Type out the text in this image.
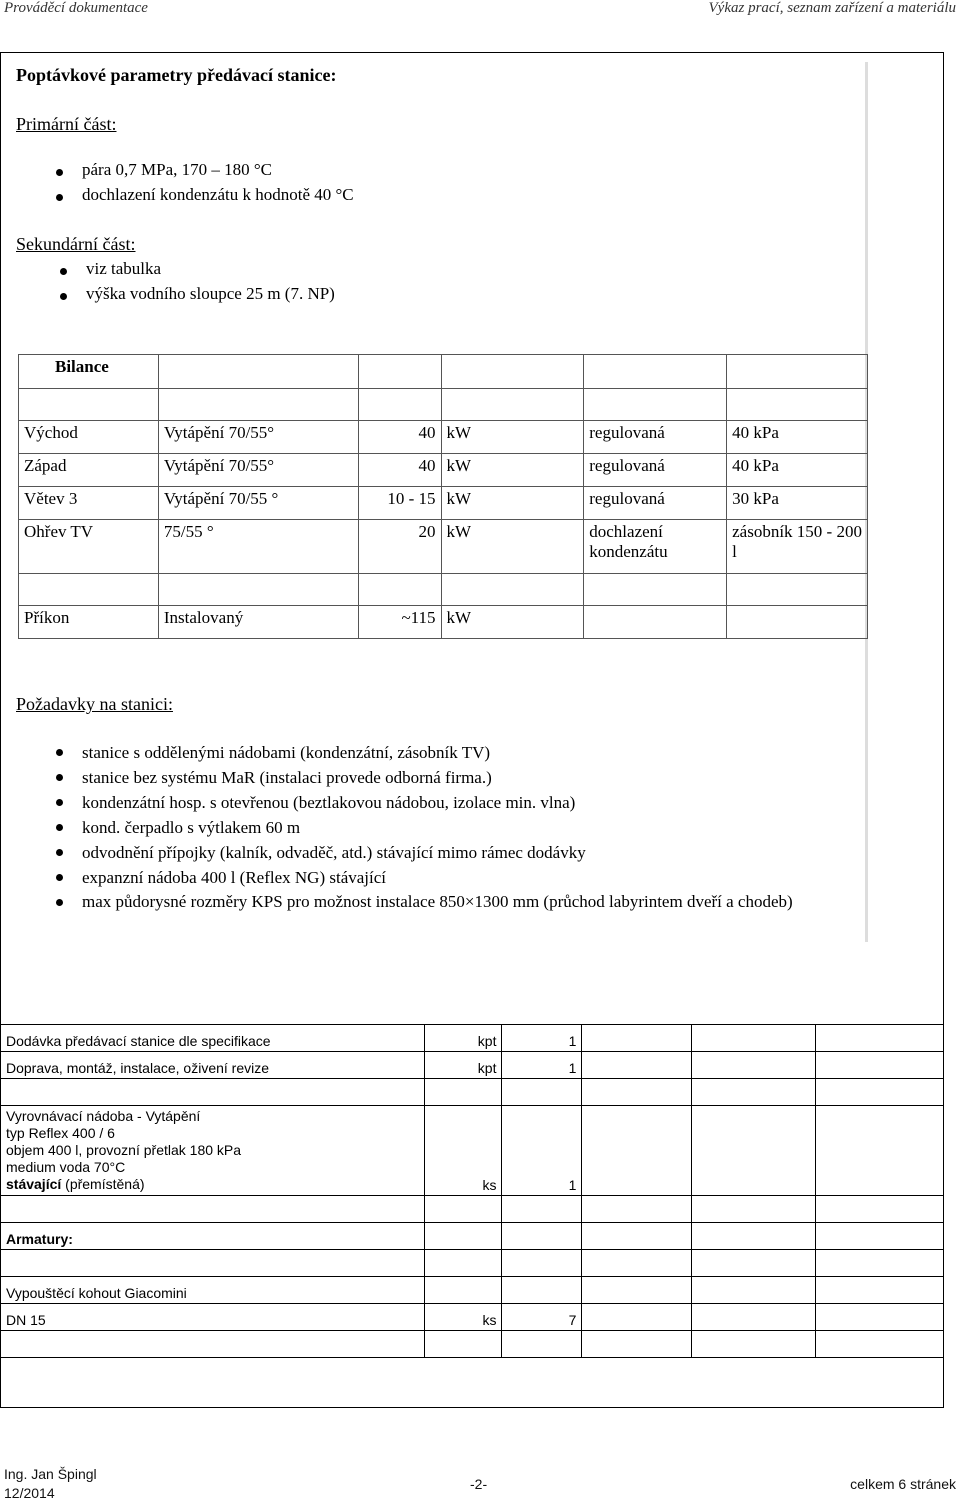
Prováděcí dokumentace	Výkaz prací, seznam zařízení a materiálu
Poptávkové parametry předávací stanice:
Primární část:
pára 0,7 MPa, 170 – 180 °C
dochlazení kondenzátu k hodnotě 40 °C
Sekundární část:
viz tabulka
výška vodního sloupce 25 m (7. NP)
Požadavky na stanici:
stanice s oddělenými nádobami (kondenzátní, zásobník TV)
stanice bez systému MaR (instalaci provede odborná firma.)
kondenzátní hosp. s otevřenou (beztlakovou nádobou, izolace min. vlna)
kond. čerpadlo s výtlakem 60 m
odvodnění přípojky (kalník, odvaděč, atd.) stávající mimo rámec dodávky
expanzní nádoba 400 l (Reflex NG) stávající
max půdorysné rozměry KPS pro možnost instalace 850×1300 mm (průchod labyrintem dveří a chodeb)
Bilance					

Východ	Vytápění 70/55°	40	kW	regulovaná	40 kPa
Západ	Vytápění 70/55°	40	kW	regulovaná	40 kPa
Větev 3	Vytápění 70/55 °	10 - 15	kW	regulovaná	30 kPa
Ohřev TV	75/55 °	20	kW	dochlazení kondenzátu	zásobník 150 - 200 l

Příkon	Instalovaný	~115	kW		
Dodávka předávací stanice dle specifikace	kpt	1			
Doprava, montáž, instalace, oživení revize	kpt	1			

Vyrovnávací nádoba - Vytápění
typ Reflex 400 / 6
objem 400 l, provozní přetlak 180 kPa
medium voda 70°C
stávající (přemístěná)	ks	1			

Armatury:					

Vypouštěcí kohout Giacomini					
DN 15	ks	7			

Ing. Jan Špingl
12/2014
-2-	celkem 6 stránek
